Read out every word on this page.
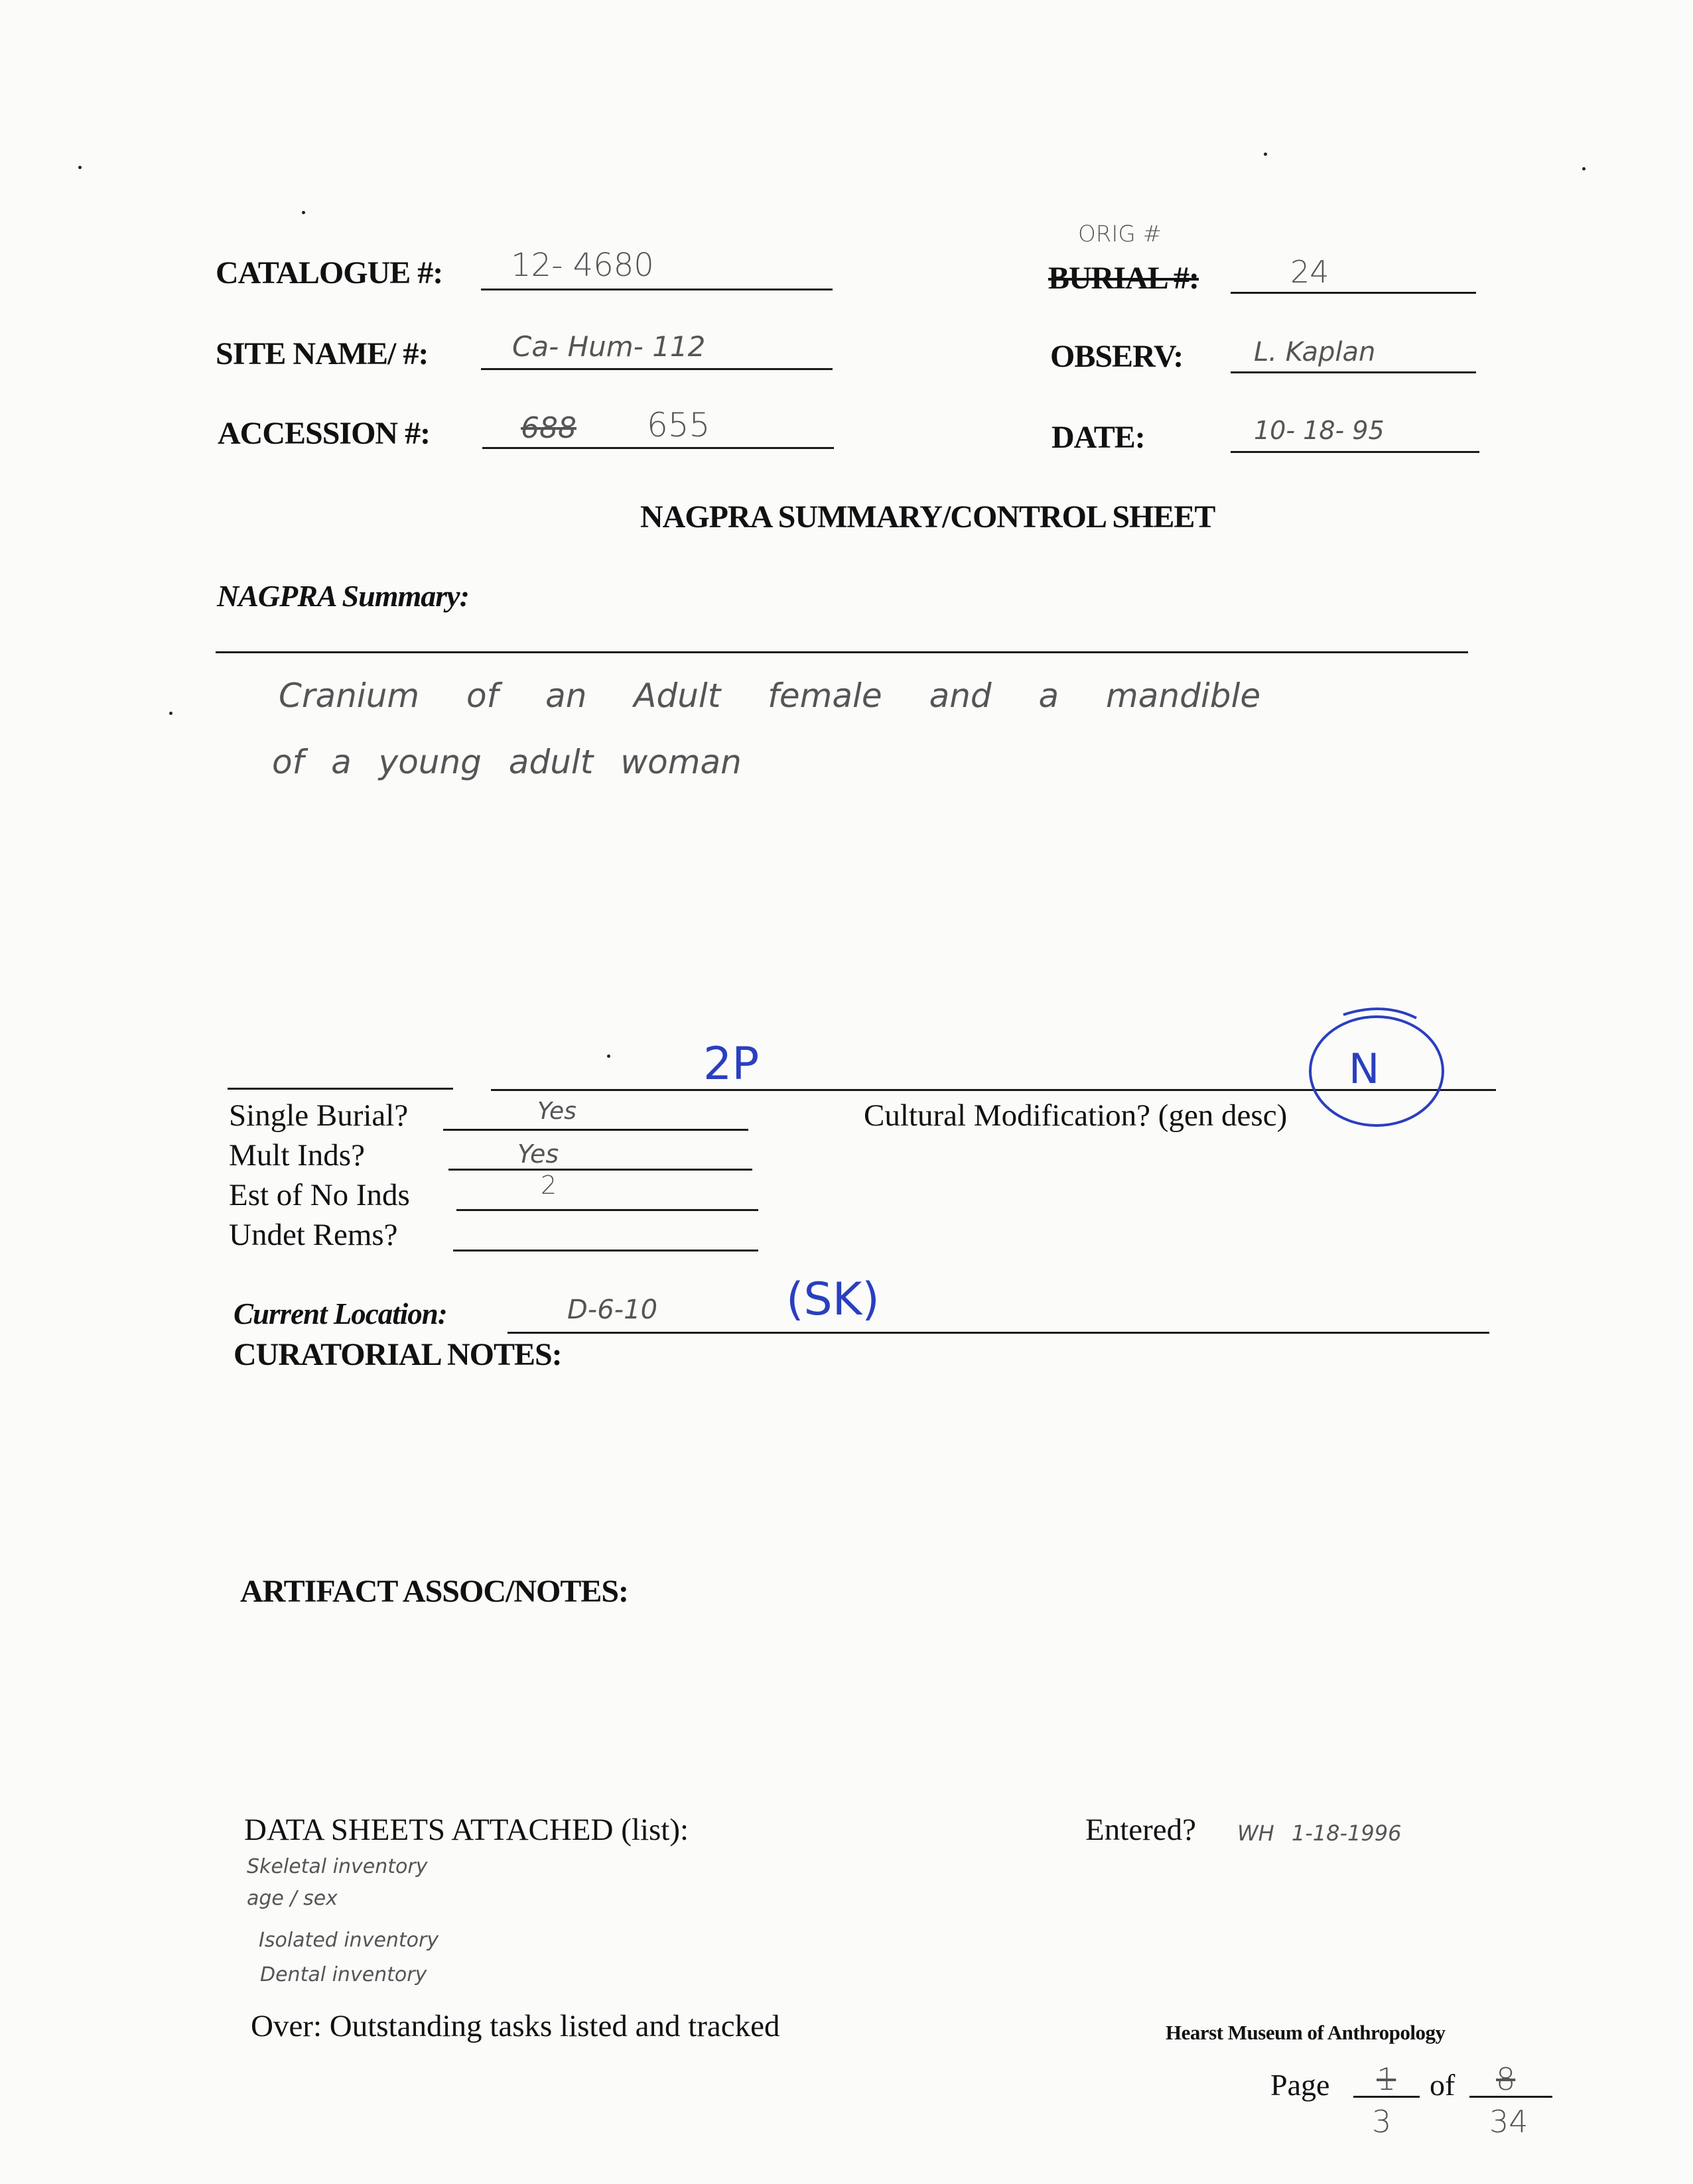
CATALOGUE #: 12- 4680
SITE NAME/ #:	Ca- Hum- 112
ACCESSION #:	688 655
ORIG #
BURIAL #:	24
OBSERV:	L. Kaplan
DATE:	10- 18- 95
NAGPRA SUMMARY/CONTROL SHEET
NAGPRA Summary:
Cranium of an Adult female and a mandible
of a young adult woman
2P
Single Burial?	Yes
Mult Inds?	Yes
Est of No Inds	2
Undet Rems?
Cultural Modification? (gen desc)
N
Current Location:	D-6-10	(SK)
CURATORIAL NOTES:
ARTIFACT ASSOC/NOTES:
DATA SHEETS ATTACHED (list):
Skeletal inventory
age / sex
Isolated inventory
Dental inventory
Entered? WH 1-18-1996
Over: Outstanding tasks listed and tracked	Hearst Museum of Anthropology
Page 1
3
of 8
34
